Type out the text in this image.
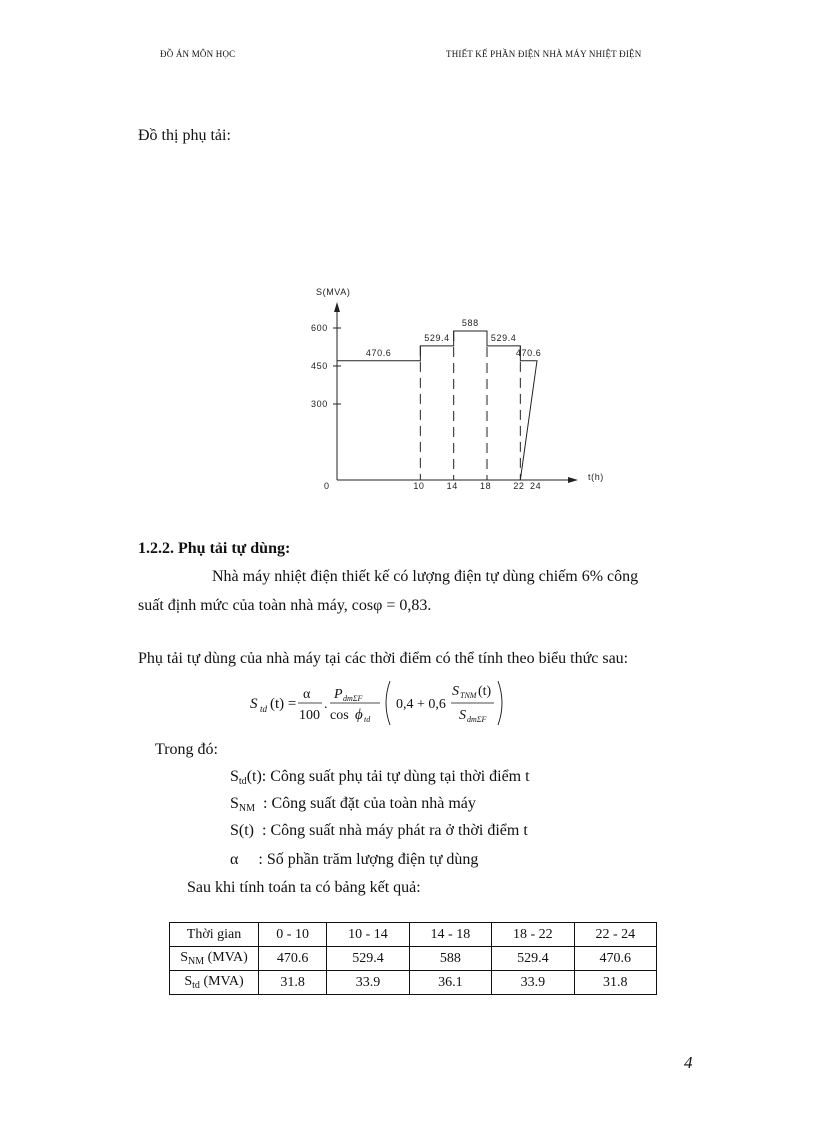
ĐỒ ÁN MÔN HỌC	THIẾT KẾ PHẦN ĐIỆN NHÀ MÁY NHIỆT ĐIỆN
Đồ thị phụ tải:
S(MVA)
t(h)
300
450
600
0	10 14 18 22 24
470.6
529.4
588
529.4
470.6
1.2.2. Phụ tải tự dùng:
Nhà máy nhiệt điện thiết kế có lượng điện tự dùng chiếm 6% công
suất định mức của toàn nhà máy, cosφ = 0,83.
Phụ tải tự dùng của nhà máy tại các thời điểm có thể tính theo biểu thức sau:
S td (t) =
α
100
.
P dmΣF
cos ϕ td
0,4 + 0,6
S TNM (t)
S dmΣF
Trong đó:
$S_{td}(t)$: Công suất phụ tải tự dùng tại thời điểm t
$S_{NM}$  : Công suất đặt của toàn nhà máy
S(t)  : Công suất nhà máy phát ra ở thời điểm t
α     : Số phần trăm lượng điện tự dùng
Sau khi tính toán ta có bảng kết quả:
Thời gian	0 - 10	10 - 14	14 - 18	18 - 22	22 - 24
$S_{NM}$ (MVA)	470.6	529.4	588	529.4	470.6
$S_{td}$ (MVA)	31.8	33.9	36.1	33.9	31.8
4
